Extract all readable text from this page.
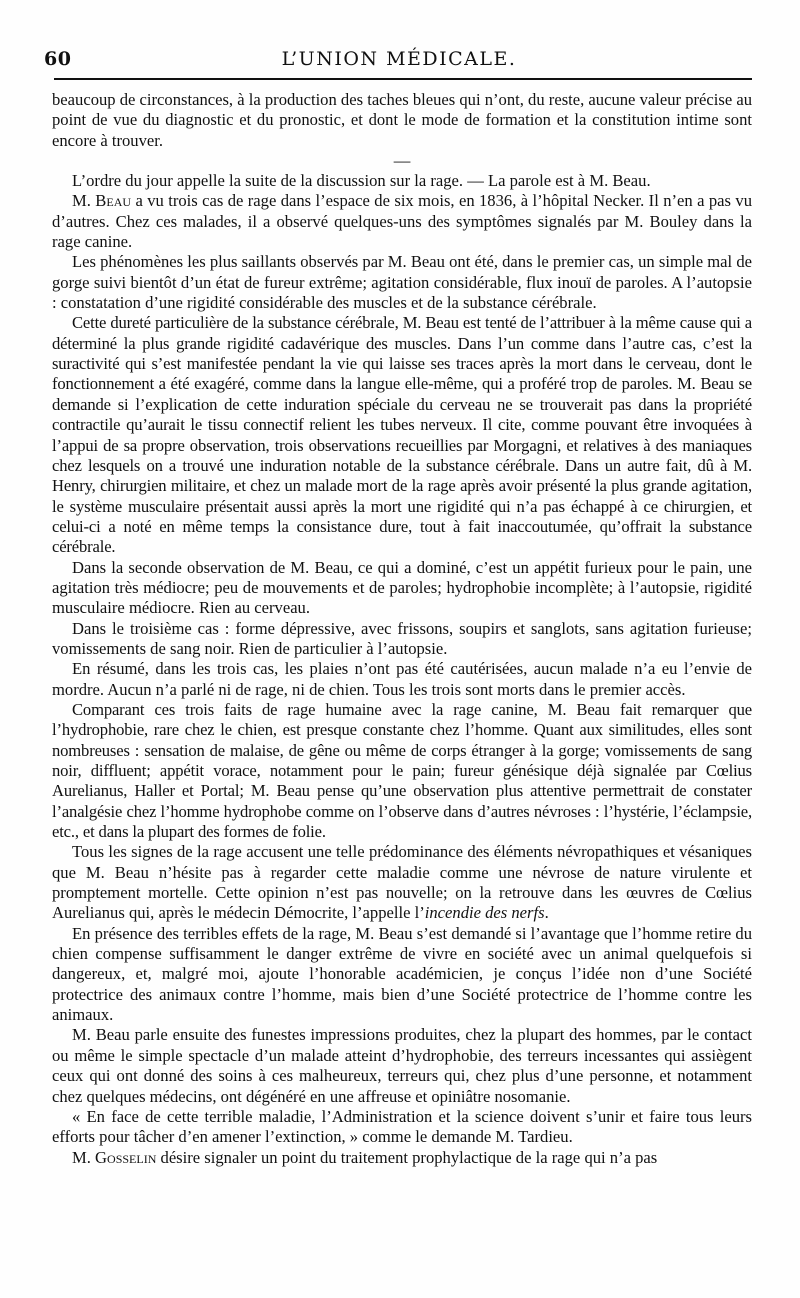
60	L’UNION MÉDICALE.

beaucoup de circonstances, à la production des taches bleues qui n’ont, du reste, aucune valeur précise au point de vue du diagnostic et du pronostic, et dont le mode de formation et la constitution intime sont encore à trouver.

—

L’ordre du jour appelle la suite de la discussion sur la rage. — La parole est à M. Beau.

M. Beau a vu trois cas de rage dans l’espace de six mois, en 1836, à l’hôpital Necker. Il n’en a pas vu d’autres. Chez ces malades, il a observé quelques-uns des symptômes signalés par M. Bouley dans la rage canine.

Les phénomènes les plus saillants observés par M. Beau ont été, dans le premier cas, un simple mal de gorge suivi bientôt d’un état de fureur extrême; agitation considérable, flux inouï de paroles. A l’autopsie : constatation d’une rigidité considérable des muscles et de la substance cérébrale.

Cette dureté particulière de la substance cérébrale, M. Beau est tenté de l’attribuer à la même cause qui a déterminé la plus grande rigidité cadavérique des muscles. Dans l’un comme dans l’autre cas, c’est la suractivité qui s’est manifestée pendant la vie qui laisse ses traces après la mort dans le cerveau, dont le fonctionnement a été exagéré, comme dans la langue elle-même, qui a proféré trop de paroles. M. Beau se demande si l’explication de cette induration spéciale du cerveau ne se trouverait pas dans la propriété contractile qu’aurait le tissu connectif relient les tubes nerveux. Il cite, comme pouvant être invoquées à l’appui de sa propre observation, trois observations recueillies par Morgagni, et relatives à des maniaques chez lesquels on a trouvé une induration notable de la substance cérébrale. Dans un autre fait, dû à M. Henry, chirurgien militaire, et chez un malade mort de la rage après avoir présenté la plus grande agitation, le système musculaire présentait aussi après la mort une rigidité qui n’a pas échappé à ce chirurgien, et celui-ci a noté en même temps la consistance dure, tout à fait inaccoutumée, qu’offrait la substance cérébrale.

Dans la seconde observation de M. Beau, ce qui a dominé, c’est un appétit furieux pour le pain, une agitation très médiocre; peu de mouvements et de paroles; hydrophobie incomplète; à l’autopsie, rigidité musculaire médiocre. Rien au cerveau.

Dans le troisième cas : forme dépressive, avec frissons, soupirs et sanglots, sans agitation furieuse; vomissements de sang noir. Rien de particulier à l’autopsie.

En résumé, dans les trois cas, les plaies n’ont pas été cautérisées, aucun malade n’a eu l’envie de mordre. Aucun n’a parlé ni de rage, ni de chien. Tous les trois sont morts dans le premier accès.

Comparant ces trois faits de rage humaine avec la rage canine, M. Beau fait remarquer que l’hydrophobie, rare chez le chien, est presque constante chez l’homme. Quant aux similitudes, elles sont nombreuses : sensation de malaise, de gêne ou même de corps étranger à la gorge; vomissements de sang noir, diffluent; appétit vorace, notamment pour le pain; fureur génésique déjà signalée par Cœlius Aurelianus, Haller et Portal; M. Beau pense qu’une observation plus attentive permettrait de constater l’analgésie chez l’homme hydrophobe comme on l’observe dans d’autres névroses : l’hystérie, l’éclampsie, etc., et dans la plupart des formes de folie.

Tous les signes de la rage accusent une telle prédominance des éléments névropathiques et vésaniques que M. Beau n’hésite pas à regarder cette maladie comme une névrose de nature virulente et promptement mortelle. Cette opinion n’est pas nouvelle; on la retrouve dans les œuvres de Cœlius Aurelianus qui, après le médecin Démocrite, l’appelle l’incendie des nerfs.

En présence des terribles effets de la rage, M. Beau s’est demandé si l’avantage que l’homme retire du chien compense suffisamment le danger extrême de vivre en société avec un animal quelquefois si dangereux, et, malgré moi, ajoute l’honorable académicien, je conçus l’idée non d’une Société protectrice des animaux contre l’homme, mais bien d’une Société protectrice de l’homme contre les animaux.

M. Beau parle ensuite des funestes impressions produites, chez la plupart des hommes, par le contact ou même le simple spectacle d’un malade atteint d’hydrophobie, des terreurs incessantes qui assiègent ceux qui ont donné des soins à ces malheureux, terreurs qui, chez plus d’une personne, et notamment chez quelques médecins, ont dégénéré en une affreuse et opiniâtre nosomanie.

« En face de cette terrible maladie, l’Administration et la science doivent s’unir et faire tous leurs efforts pour tâcher d’en amener l’extinction, » comme le demande M. Tardieu.

M. Gosselin désire signaler un point du traitement prophylactique de la rage qui n’a pas
